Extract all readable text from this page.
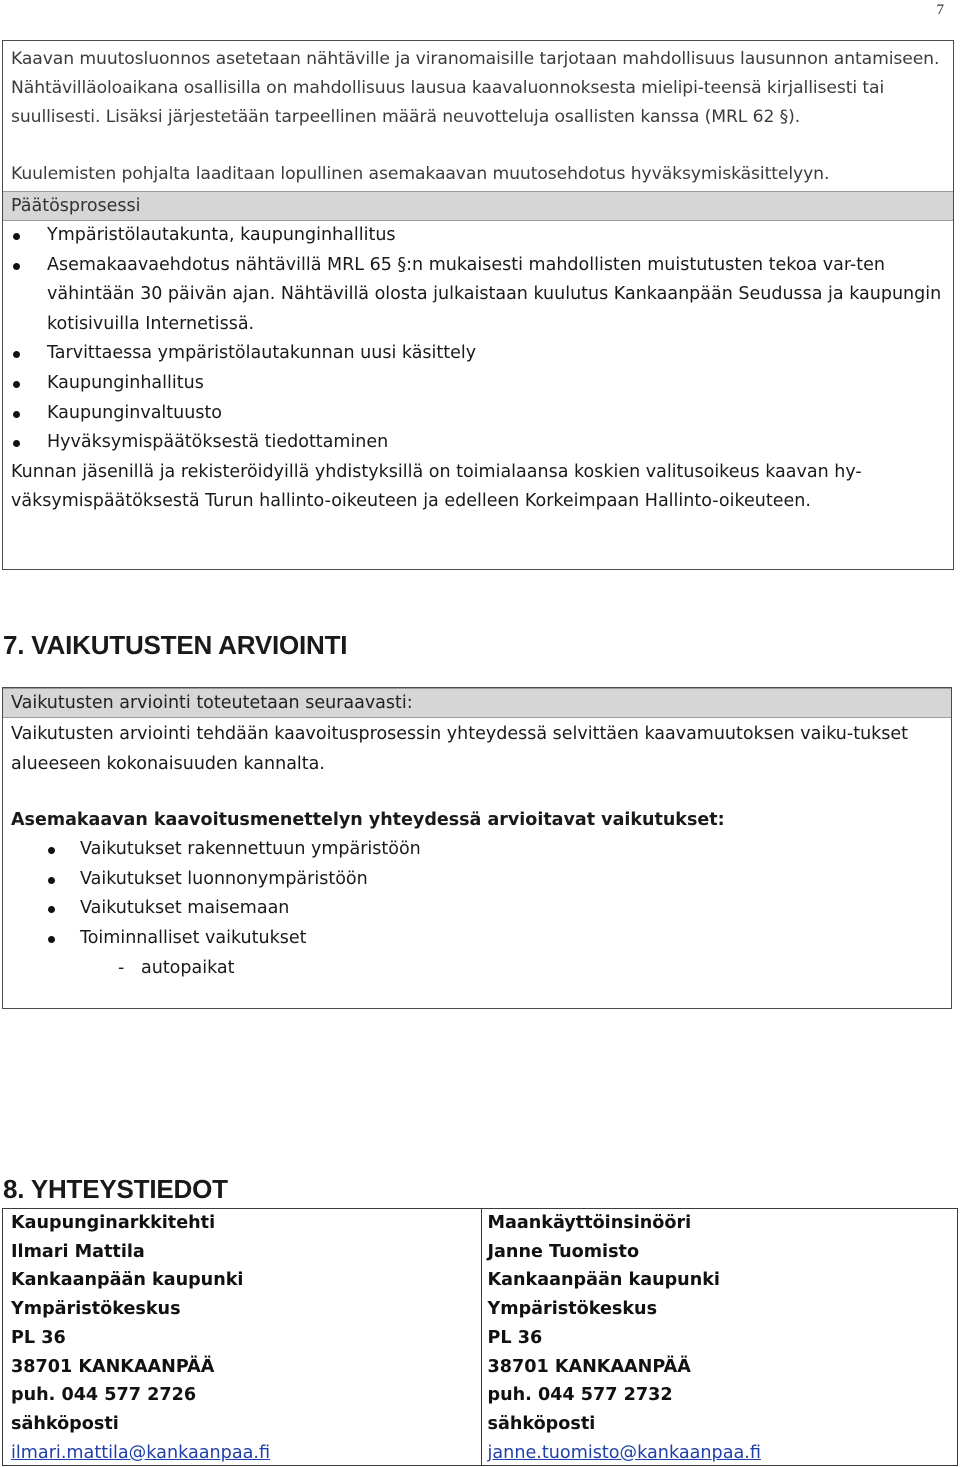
7

Kaavan muutosluonnos asetetaan nähtäville ja viranomaisille tarjotaan mahdollisuus lausunnon antamiseen. Nähtävilläoloaikana osallisilla on mahdollisuus lausua kaavaluonnoksesta mielipi-teensä kirjallisesti tai suullisesti. Lisäksi järjestetään tarpeellinen määrä neuvotteluja osallisten kanssa (MRL 62 §).

Kuulemisten pohjalta laaditaan lopullinen asemakaavan muutosehdotus hyväksymiskäsittelyyn.

Päätösprosessi
Ympäristölautakunta, kaupunginhallitus
Asemakaavaehdotus nähtävillä MRL 65 §:n mukaisesti mahdollisten muistutusten tekoa var-ten vähintään 30 päivän ajan. Nähtävillä olosta julkaistaan kuulutus Kankaanpään Seudussa ja kaupungin kotisivuilla Internetissä.
Tarvittaessa ympäristölautakunnan uusi käsittely
Kaupunginhallitus
Kaupunginvaltuusto
Hyväksymispäätöksestä tiedottaminen

Kunnan jäsenillä ja rekisteröidyillä yhdistyksillä on toimialaansa koskien valitusoikeus kaavan hy-väksymispäätöksestä Turun hallinto-oikeuteen ja edelleen Korkeimpaan Hallinto-oikeuteen.

7. VAIKUTUSTEN ARVIOINTI
Vaikutusten arviointi toteutetaan seuraavasti:

Vaikutusten arviointi tehdään kaavoitusprosessin yhteydessä selvittäen kaavamuutoksen vaiku-tukset alueeseen kokonaisuuden kannalta.

Asemakaavan kaavoitusmenettelyn yhteydessä arvioitavat vaikutukset:

Vaikutukset rakennettuun ympäristöön
Vaikutukset luonnonympäristöön
Vaikutukset maisemaan
Toiminnalliset vaikutukset

-   autopaikat

8. YHTEYSTIEDOT
Kaupunginarkkitehti
Ilmari Mattila
Kankaanpään kaupunki
Ympäristökeskus
PL 36
38701 KANKAANPÄÄ
puh. 044 577 2726
sähköposti
ilmari.mattila@kankaanpaa.fi
Maankäyttöinsinööri
Janne Tuomisto
Kankaanpään kaupunki
Ympäristökeskus
PL 36
38701 KANKAANPÄÄ
puh. 044 577 2732
sähköposti
janne.tuomisto@kankaanpaa.fi
